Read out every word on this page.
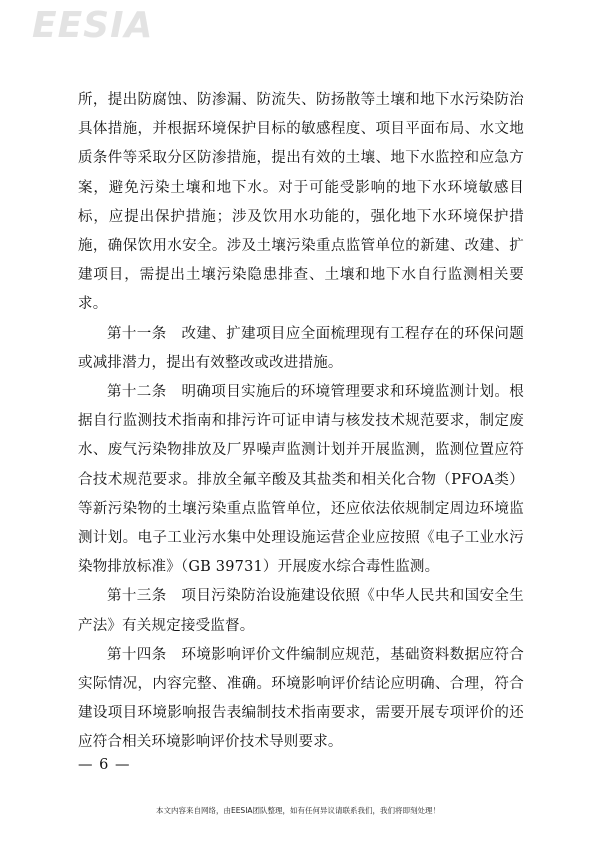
EESIA

所，提出防腐蚀、防渗漏、防流失、防扬散等土壤和地下水污染防治具体措施，并根据环境保护目标的敏感程度、项目平面布局、水文地质条件等采取分区防渗措施，提出有效的土壤、地下水监控和应急方案，避免污染土壤和地下水。对于可能受影响的地下水环境敏感目标，应提出保护措施；涉及饮用水功能的，强化地下水环境保护措施，确保饮用水安全。涉及土壤污染重点监管单位的新建、改建、扩建项目，需提出土壤污染隐患排查、土壤和地下水自行监测相关要求。

第十一条　改建、扩建项目应全面梳理现有工程存在的环保问题或减排潜力，提出有效整改或改进措施。

第十二条　明确项目实施后的环境管理要求和环境监测计划。根据自行监测技术指南和排污许可证申请与核发技术规范要求，制定废水、废气污染物排放及厂界噪声监测计划并开展监测，监测位置应符合技术规范要求。排放全氟辛酸及其盐类和相关化合物（PFOA类）等新污染物的土壤污染重点监管单位，还应依法依规制定周边环境监测计划。电子工业污水集中处理设施运营企业应按照《电子工业水污染物排放标准》（GB 39731）开展废水综合毒性监测。

第十三条　项目污染防治设施建设依照《中华人民共和国安全生产法》有关规定接受监督。

第十四条　环境影响评价文件编制应规范，基础资料数据应符合实际情况，内容完整、准确。环境影响评价结论应明确、合理，符合建设项目环境影响报告表编制技术指南要求，需要开展专项评价的还应符合相关环境影响评价技术导则要求。

— 6 —
本文内容来自网络，由EESIA团队整理，如有任何异议请联系我们，我们将即刻处理！
